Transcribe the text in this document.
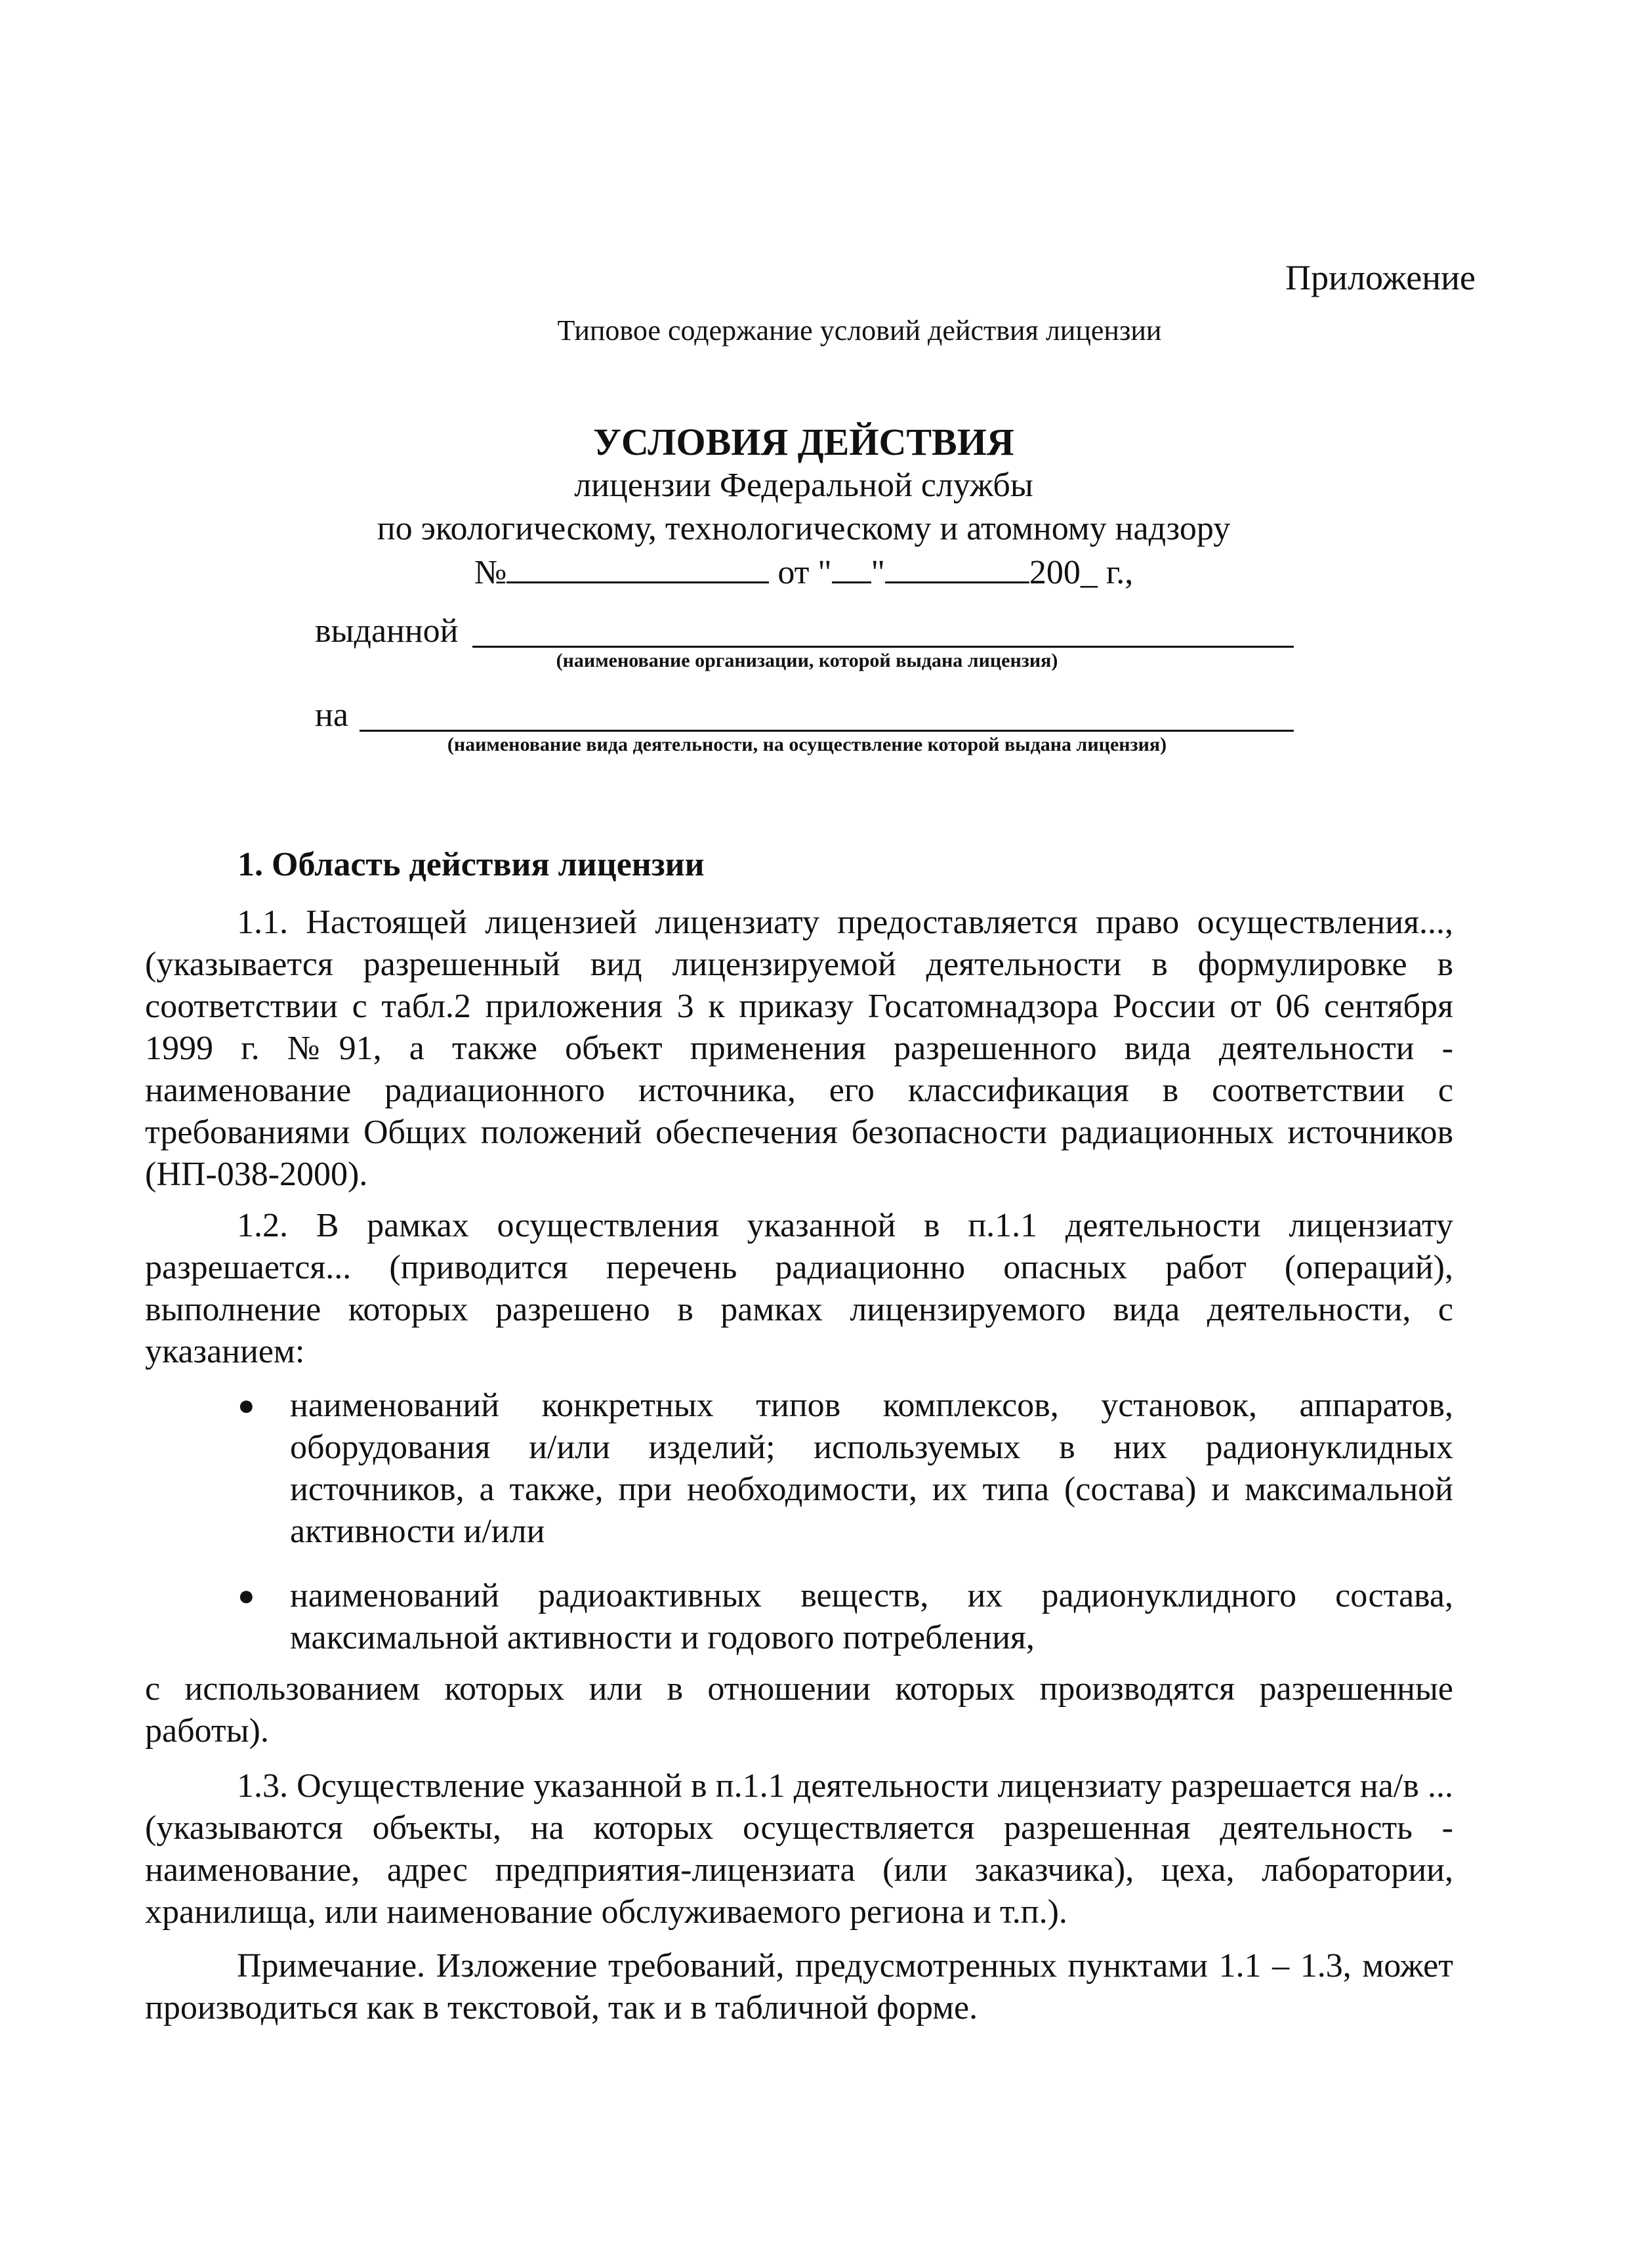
Приложение
Типовое содержание условий действия лицензии
УСЛОВИЯ ДЕЙСТВИЯ
лицензии Федеральной службы
по экологическому, технологическому и атомному надзору
№	от " "	200_ г.,
выданной
(наименование организации, которой выдана лицензия)
на
(наименование вида деятельности, на осуществление которой выдана лицензия)
1. Область действия лицензии
1.1. Настоящей лицензией лицензиату предоставляется право осуществления...,(указывается разрешенный вид лицензируемой деятельности в формулировке в соответствии с табл.2 приложения 3 к приказу Госатомнадзора России от 06 сентября 1999 г. №91, а также объект применения разрешенного вида деятельности - наименование радиационного источника, его классификация в соответствии с требованиями Общих положений обеспечения безопасности радиационных источников (НП-038-2000).
1.2. В рамках осуществления указанной в п.1.1 деятельности лицензиату разрешается... (приводится перечень радиационно опасных работ (операций), выполнение которых разрешено в рамках лицензируемого вида деятельности, с указанием:
● наименований конкретных типов комплексов, установок, аппаратов, оборудования и/или изделий; используемых в них радионуклидных источников, а также, при необходимости, их типа (состава) и максимальной активности и/или
● наименований радиоактивных веществ, их радионуклидного состава, максимальной активности и годового потребления,
с использованием которых или в отношении которых производятся разрешенные работы).
1.3. Осуществление указанной в п.1.1 деятельности лицензиату разрешается на/в ... (указываются объекты, на которых осуществляется разрешенная деятельность - наименование, адрес предприятия-лицензиата (или заказчика), цеха, лаборатории, хранилища, или наименование обслуживаемого региона и т.п.).
Примечание. Изложение требований, предусмотренных пунктами 1.1 – 1.3, может производиться как в текстовой, так и в табличной форме.
